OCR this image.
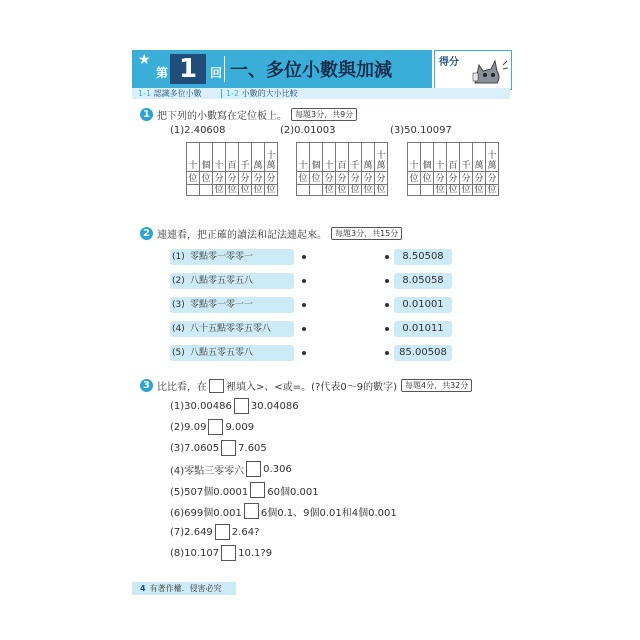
★
第 1	回 一、多位小數與加減	得分
1-1 認識多位小數	1-2 小數的大小比較
1 把下列的小數寫在定位板上。	每題3分，共9分
(1)2.40608	(2)0.01003	(3)50.10097
十	個	十	百	千	萬	十萬
位	位	分	分	分	分	分
		位	位	位	位	位
十	個	十	百	千	萬	十萬
位	位	分	分	分	分	分
		位	位	位	位	位
十	個	十	百	千	萬	十萬
位	位	分	分	分	分	分
		位	位	位	位	位
2 連連看，把正確的讀法和記法連起來。	每題3分，共15分
(1) 零點零一零零一	8.50508
(2) 八點零五零五八	8.05058
(3) 零點零一零一一	0.01001
(4) 八十五點零零五零八	0.01011
(5) 八點五零五零八	85.00508
3 比比看，在 裡填入>、<或=。(?代表0～9的數字)	每題4分，共32分
(1)30.00486 30.04086
(2)9.09 9.009
(3)7.0605 7.605
(4)零點三零零六 0.306
(5)507個0.0001 60個0.001
(6)699個0.001 6個0.1、9個0.01和4個0.001
(7)2.649 2.64?
(8)10.107 10.1?9
4 有著作權．侵害必究
